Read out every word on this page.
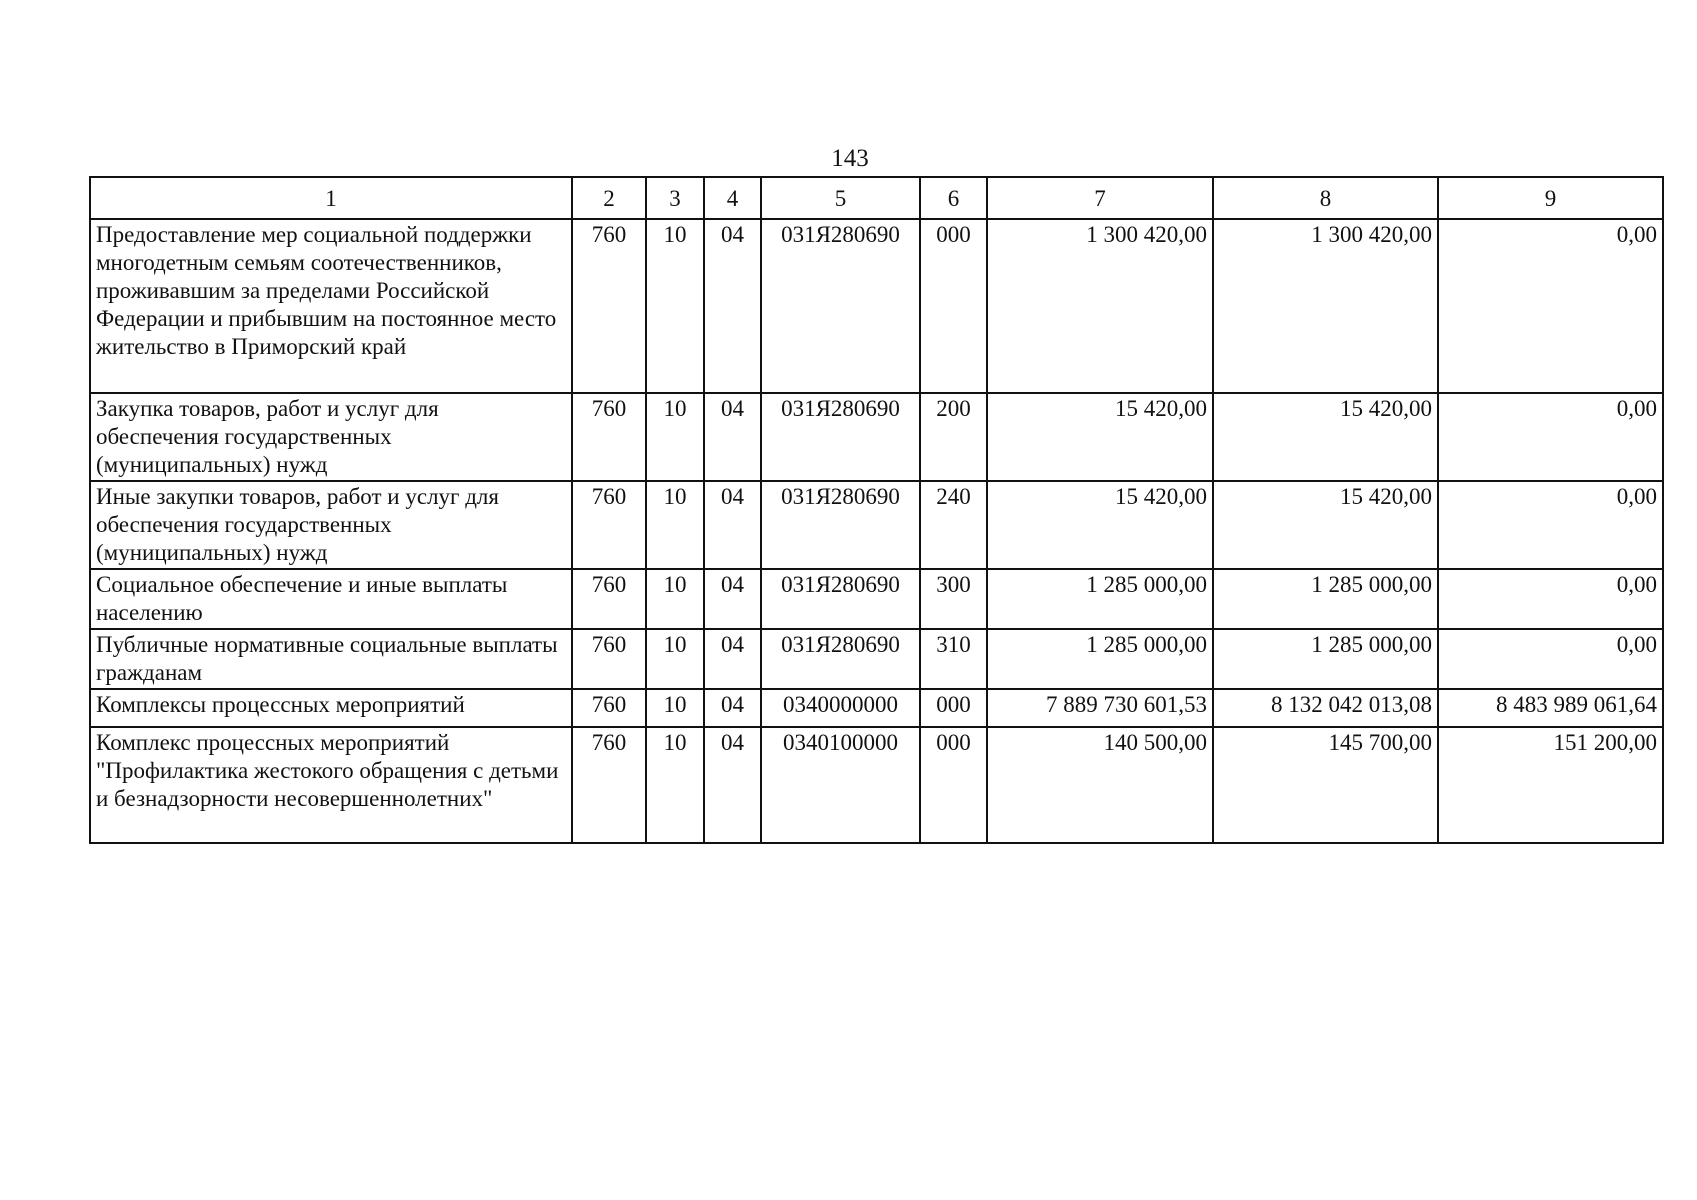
143
1	2	3	4	5	6	7	8	9
Предоставление мер социальной поддержки многодетным семьям соотечественников, проживавшим за пределами Российской Федерации и прибывшим на постоянное место жительство в Приморский край	760	10	04	031Я280690	000	1 300 420,00	1 300 420,00	0,00
Закупка товаров, работ и услуг для обеспечения государственных (муниципальных) нужд	760	10	04	031Я280690	200	15 420,00	15 420,00	0,00
Иные закупки товаров, работ и услуг для обеспечения государственных (муниципальных) нужд	760	10	04	031Я280690	240	15 420,00	15 420,00	0,00
Социальное обеспечение и иные выплаты населению	760	10	04	031Я280690	300	1 285 000,00	1 285 000,00	0,00
Публичные нормативные социальные выплаты гражданам	760	10	04	031Я280690	310	1 285 000,00	1 285 000,00	0,00
Комплексы процессных мероприятий	760	10	04	0340000000	000	7 889 730 601,53	8 132 042 013,08	8 483 989 061,64
Комплекс процессных мероприятий "Профилактика жестокого обращения с детьми и безнадзорности несовершеннолетних"	760	10	04	0340100000	000	140 500,00	145 700,00	151 200,00
